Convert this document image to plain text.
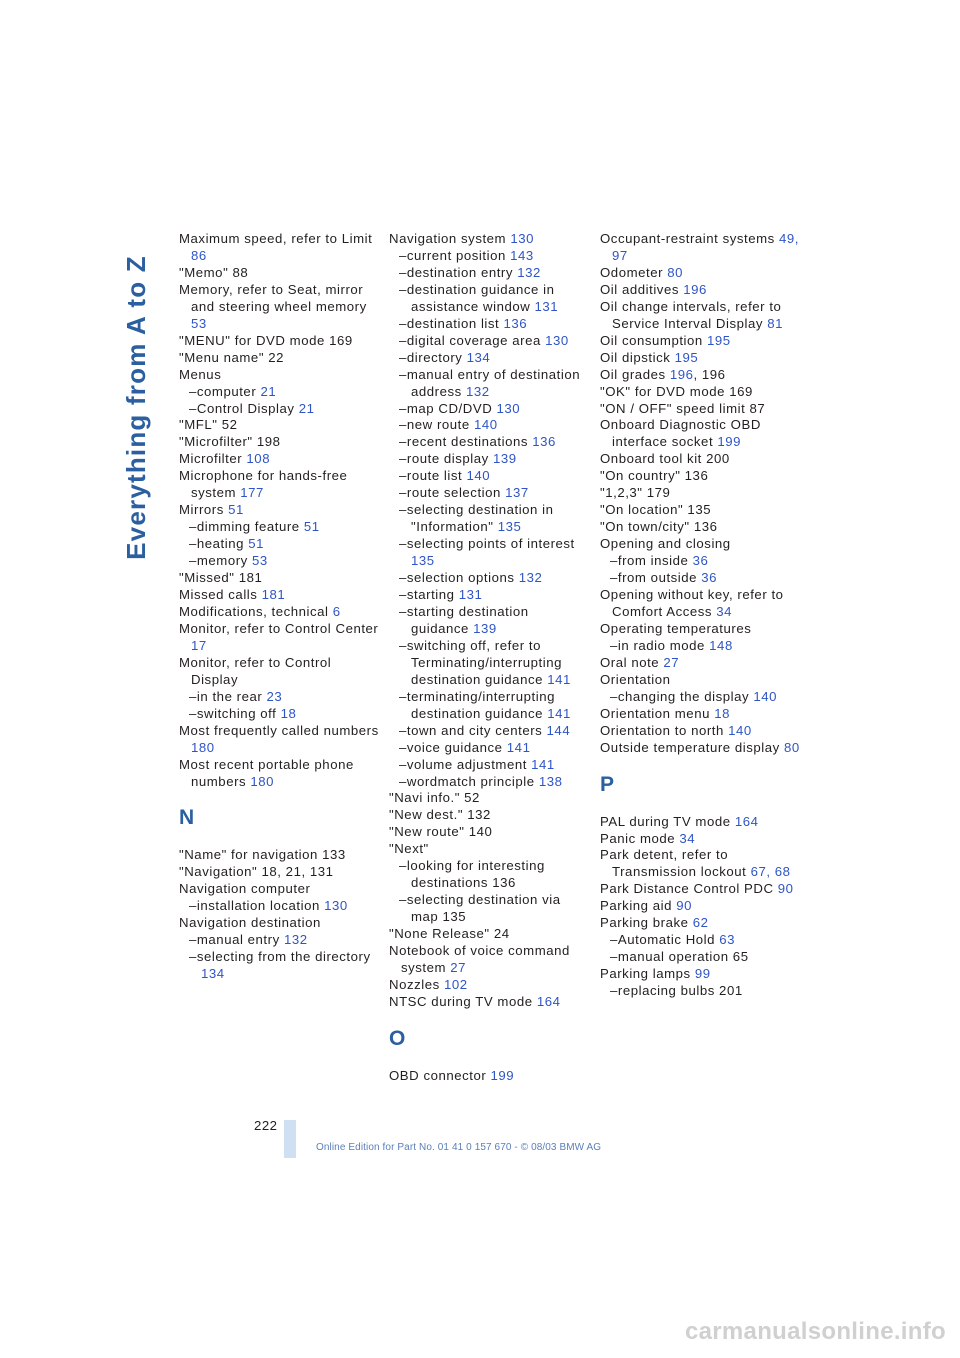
Everything from A to Z
Maximum speed, refer to Limit 86
"Memo" 88
Memory, refer to Seat, mirror and steering wheel memory 53
"MENU" for DVD mode 169
"Menu name" 22
Menus
–computer 21
–Control Display 21
"MFL" 52
"Microfilter" 198
Microfilter 108
Microphone for hands-free system 177
Mirrors 51
–dimming feature 51
–heating 51
–memory 53
"Missed" 181
Missed calls 181
Modifications, technical 6
Monitor, refer to Control Center 17
Monitor, refer to Control Display
–in the rear 23
–switching off 18
Most frequently called numbers 180
Most recent portable phone numbers 180
N
"Name" for navigation 133
"Navigation" 18, 21, 131
Navigation computer
–installation location 130
Navigation destination
–manual entry 132
–selecting from the directory 134
Navigation system 130
–current position 143
–destination entry 132
–destination guidance in assistance window 131
–destination list 136
–digital coverage area 130
–directory 134
–manual entry of destination address 132
–map CD/DVD 130
–new route 140
–recent destinations 136
–route display 139
–route list 140
–route selection 137
–selecting destination in "Information" 135
–selecting points of interest 135
–selection options 132
–starting 131
–starting destination guidance 139
–switching off, refer to Terminating/interrupting destination guidance 141
–terminating/interrupting destination guidance 141
–town and city centers 144
–voice guidance 141
–volume adjustment 141
–wordmatch principle 138
"Navi info." 52
"New dest." 132
"New route" 140
"Next"
–looking for interesting destinations 136
–selecting destination via map 135
"None Release" 24
Notebook of voice command system 27
Nozzles 102
NTSC during TV mode 164
O
OBD connector 199
Occupant-restraint systems 49, 97
Odometer 80
Oil additives 196
Oil change intervals, refer to Service Interval Display 81
Oil consumption 195
Oil dipstick 195
Oil grades 196, 196
"OK" for DVD mode 169
"ON / OFF" speed limit 87
Onboard Diagnostic OBD interface socket 199
Onboard tool kit 200
"On country" 136
"1,2,3" 179
"On location" 135
"On town/city" 136
Opening and closing
–from inside 36
–from outside 36
Opening without key, refer to Comfort Access 34
Operating temperatures
–in radio mode 148
Oral note 27
Orientation
–changing the display 140
Orientation menu 18
Orientation to north 140
Outside temperature display 80
P
PAL during TV mode 164
Panic mode 34
Park detent, refer to Transmission lockout 67, 68
Park Distance Control PDC 90
Parking aid 90
Parking brake 62
–Automatic Hold 63
–manual operation 65
Parking lamps 99
–replacing bulbs 201
222
Online Edition for Part No. 01 41 0 157 670 - © 08/03 BMW AG
carmanualsonline.info
